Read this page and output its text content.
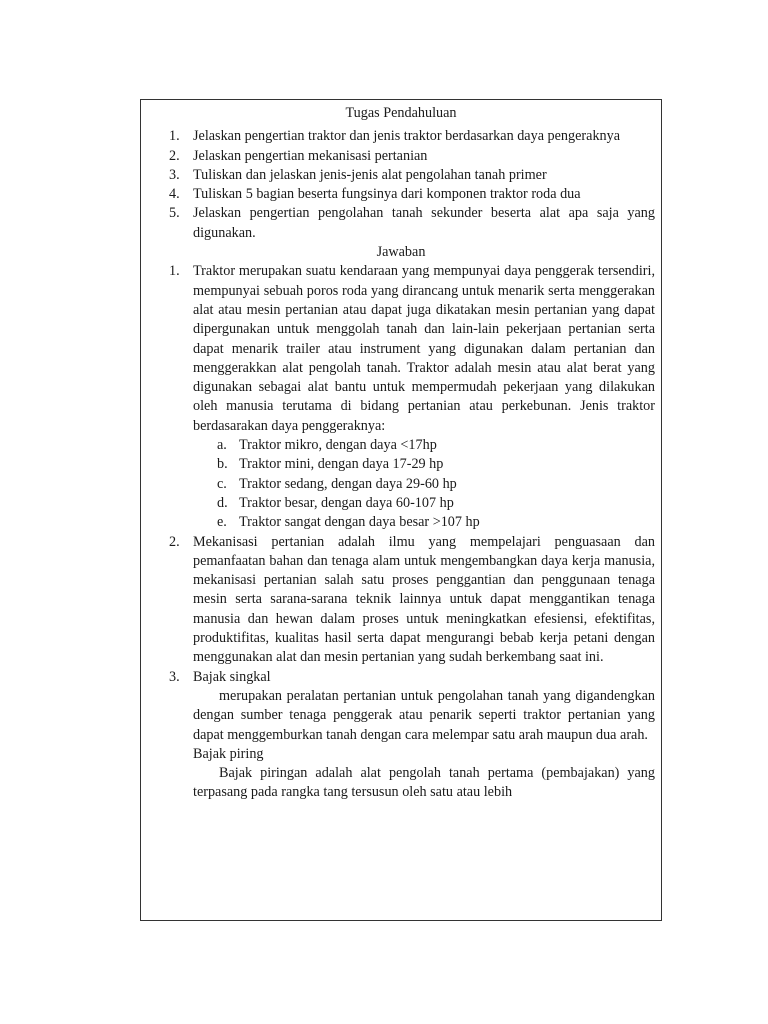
Tugas Pendahuluan
1. Jelaskan pengertian traktor dan jenis traktor berdasarkan daya pengeraknya
2. Jelaskan pengertian mekanisasi pertanian
3. Tuliskan dan jelaskan jenis-jenis alat pengolahan tanah primer
4. Tuliskan 5 bagian beserta fungsinya dari komponen traktor roda dua
5. Jelaskan pengertian pengolahan tanah sekunder beserta alat apa saja yang digunakan.
Jawaban
1. Traktor merupakan suatu kendaraan yang mempunyai daya penggerak tersendiri, mempunyai sebuah poros roda yang dirancang untuk menarik serta menggerakan alat atau mesin pertanian atau dapat juga dikatakan mesin pertanian yang dapat dipergunakan untuk menggolah tanah dan lain-lain pekerjaan pertanian serta dapat menarik trailer atau instrument yang digunakan dalam pertanian dan menggerakkan alat pengolah tanah. Traktor adalah mesin atau alat berat yang digunakan sebagai alat bantu untuk mempermudah pekerjaan yang dilakukan oleh manusia terutama di bidang pertanian atau perkebunan. Jenis traktor berdasarakan daya penggeraknya:
a. Traktor mikro, dengan daya <17hp
b. Traktor mini, dengan daya 17-29 hp
c. Traktor sedang, dengan daya 29-60 hp
d. Traktor besar, dengan daya 60-107 hp
e. Traktor sangat dengan daya besar >107 hp
2. Mekanisasi pertanian adalah ilmu yang mempelajari penguasaan dan pemanfaatan bahan dan tenaga alam untuk mengembangkan daya kerja manusia, mekanisasi pertanian salah satu proses penggantian dan penggunaan tenaga mesin serta sarana-sarana teknik lainnya untuk dapat menggantikan tenaga manusia dan hewan dalam proses untuk meningkatkan efesiensi, efektifitas, produktifitas, kualitas hasil serta dapat mengurangi bebab kerja petani dengan menggunakan alat dan mesin pertanian yang sudah berkembang saat ini.
3. Bajak singkal
merupakan peralatan pertanian untuk pengolahan tanah yang digandengkan dengan sumber tenaga penggerak atau penarik seperti traktor pertanian yang dapat menggemburkan tanah dengan cara melempar satu arah maupun dua arah.
Bajak piring
Bajak piringan adalah alat pengolah tanah pertama (pembajakan) yang terpasang pada rangka tang tersusun oleh satu atau lebih
